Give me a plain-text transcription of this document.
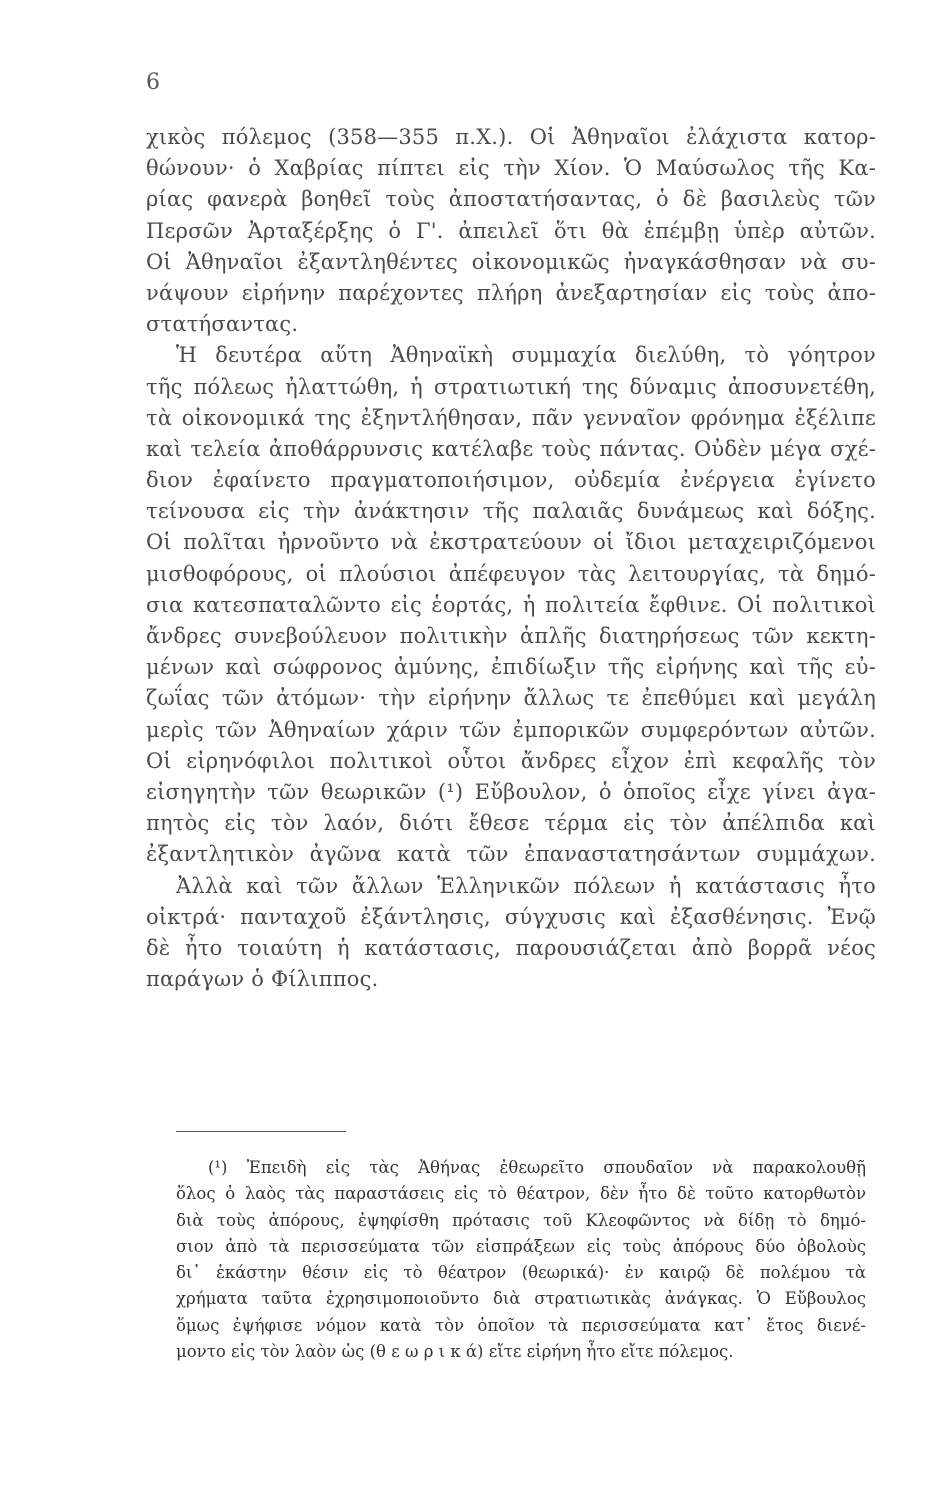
6
χικὸς πόλεμος (358—355 π.Χ.). Οἱ Ἀθηναῖοι ἐλάχιστα κατορ-
θώνουν· ὁ Χαβρίας πίπτει εἰς τὴν Χίον. Ὁ Μαύσωλος τῆς Κα-
ρίας φανερὰ βοηθεῖ τοὺς ἀποστατήσαντας, ὁ δὲ βασιλεὺς τῶν
Περσῶν Ἀρταξέρξης ὁ Γ'. ἀπειλεῖ ὅτι θὰ ἐπέμβῃ ὑπὲρ αὐτῶν.
Οἱ Ἀθηναῖοι ἐξαντληθέντες οἰκονομικῶς ἠναγκάσθησαν νὰ συ-
νάψουν εἰρήνην παρέχοντες πλήρη ἀνεξαρτησίαν εἰς τοὺς ἀπο-
στατήσαντας.
Ἡ δευτέρα αὕτη Ἀθηναϊκὴ συμμαχία διελύθη, τὸ γόητρον
τῆς πόλεως ἠλαττώθη, ἡ στρατιωτική της δύναμις ἀποσυνετέθη,
τὰ οἰκονομικά της ἐξηντλήθησαν, πᾶν γενναῖον φρόνημα ἐξέλιπε
καὶ τελεία ἀποθάρρυνσις κατέλαβε τοὺς πάντας. Οὐδὲν μέγα σχέ-
διον ἐφαίνετο πραγματοποιήσιμον, οὐδεμία ἐνέργεια ἐγίνετο
τείνουσα εἰς τὴν ἀνάκτησιν τῆς παλαιᾶς δυνάμεως καὶ δόξης.
Οἱ πολῖται ἠρνοῦντο νὰ ἐκστρατεύουν οἱ ἴδιοι μεταχειριζόμενοι
μισθοφόρους, οἱ πλούσιοι ἀπέφευγον τὰς λειτουργίας, τὰ δημό-
σια κατεσπαταλῶντο εἰς ἑορτάς, ἡ πολιτεία ἔφθινε. Οἱ πολιτικοὶ
ἄνδρες συνεβούλευον πολιτικὴν ἁπλῆς διατηρήσεως τῶν κεκτη-
μένων καὶ σώφρονος ἀμύνης, ἐπιδίωξιν τῆς εἰρήνης καὶ τῆς εὐ-
ζωΐας τῶν ἀτόμων· τὴν εἰρήνην ἄλλως τε ἐπεθύμει καὶ μεγάλη
μερὶς τῶν Ἀθηναίων χάριν τῶν ἐμπορικῶν συμφερόντων αὐτῶν.
Οἱ εἰρηνόφιλοι πολιτικοὶ οὗτοι ἄνδρες εἶχον ἐπὶ κεφαλῆς τὸν
εἰσηγητὴν τῶν θεωρικῶν (¹) Εὔβουλον, ὁ ὁποῖος εἶχε γίνει ἀγα-
πητὸς εἰς τὸν λαόν, διότι ἔθεσε τέρμα εἰς τὸν ἀπέλπιδα καὶ
ἐξαντλητικὸν ἀγῶνα κατὰ τῶν ἐπαναστατησάντων συμμάχων.
Ἀλλὰ καὶ τῶν ἄλλων Ἑλληνικῶν πόλεων ἡ κατάστασις ἦτο
οἰκτρά· πανταχοῦ ἐξάντλησις, σύγχυσις καὶ ἐξασθένησις. Ἐνῷ
δὲ ἦτο τοιαύτη ἡ κατάστασις, παρουσιάζεται ἀπὸ βορρᾶ νέος
παράγων ὁ Φίλιππος.
(¹) Ἐπειδὴ εἰς τὰς Ἀθήνας ἐθεωρεῖτο σπουδαῖον νὰ παρακολουθῇ
ὅλος ὁ λαὸς τὰς παραστάσεις εἰς τὸ θέατρον, δὲν ἦτο δὲ τοῦτο κατορθωτὸν
διὰ τοὺς ἀπόρους, ἐψηφίσθη πρότασις τοῦ Κλεοφῶντος νὰ δίδῃ τὸ δημό-
σιον ἀπὸ τὰ περισσεύματα τῶν εἰσπράξεων εἰς τοὺς ἀπόρους δύο ὀβολοὺς
δι᾽ ἑκάστην θέσιν εἰς τὸ θέατρον (θεωρικά)· ἐν καιρῷ δὲ πολέμου τὰ
χρήματα ταῦτα ἐχρησιμοποιοῦντο διὰ στρατιωτικὰς ἀνάγκας. Ὁ Εὔβουλος
ὅμως ἐψήφισε νόμον κατὰ τὸν ὁποῖον τὰ περισσεύματα κατ᾽ ἔτος διενέ-
μοντο εἰς τὸν λαὸν ὡς (θ ε ω ρ ι κ ά) εἴτε εἰρήνη ἦτο εἴτε πόλεμος.
